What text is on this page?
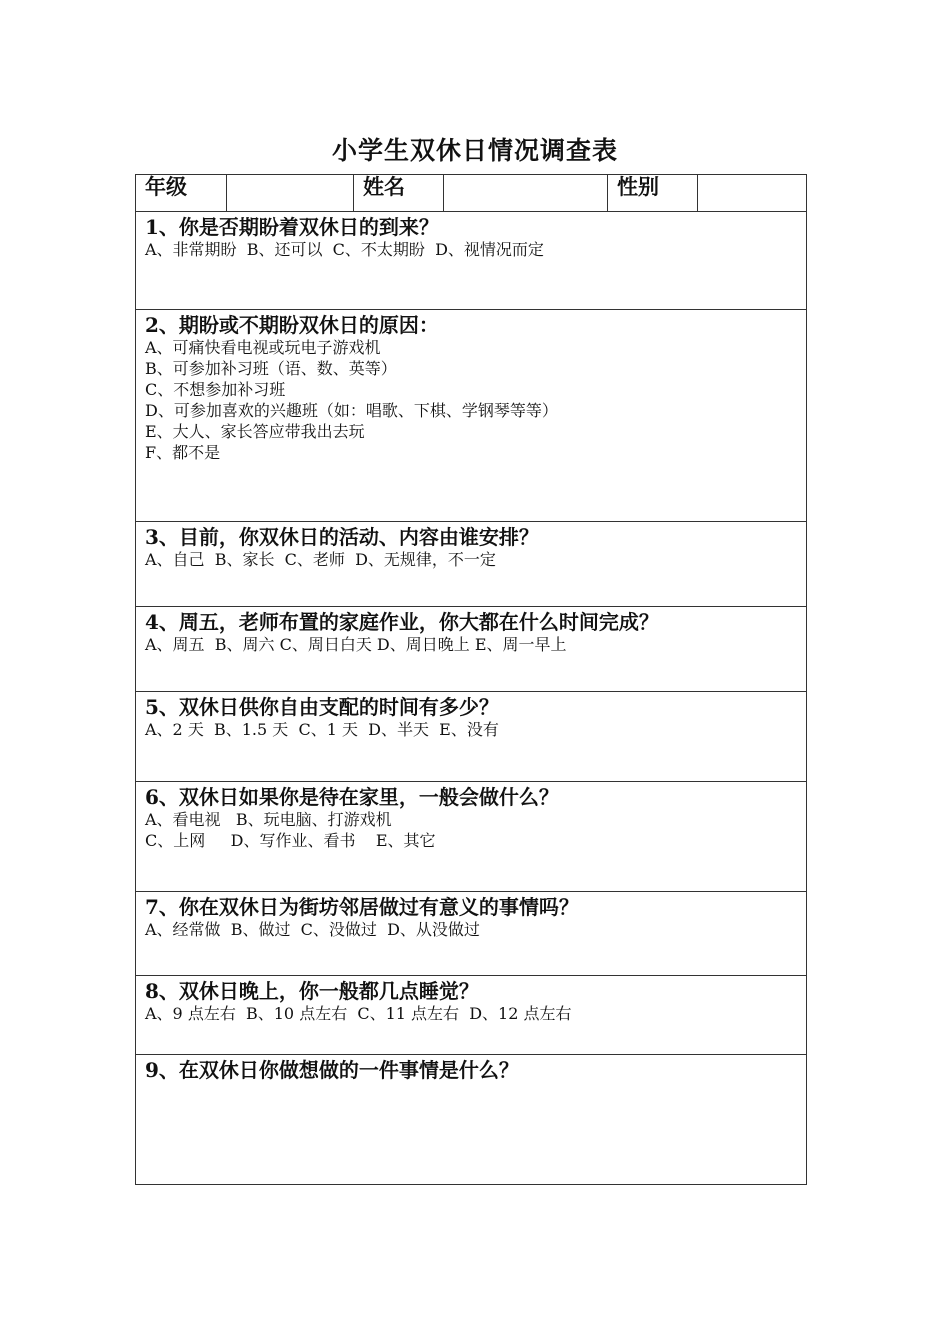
小学生双休日情况调查表
年级	姓名	性别
1、你是否期盼着双休日的到来？
A、非常期盼  B、还可以  C、不太期盼  D、视情况而定
2、期盼或不期盼双休日的原因：
A、可痛快看电视或玩电子游戏机
B、可参加补习班（语、数、英等）
C、不想参加补习班
D、可参加喜欢的兴趣班（如：唱歌、下棋、学钢琴等等）
E、大人、家长答应带我出去玩
F、都不是
3、目前，你双休日的活动、内容由谁安排？
A、自己  B、家长  C、老师  D、无规律，不一定
4、周五，老师布置的家庭作业，你大都在什么时间完成？
A、周五  B、周六 C、周日白天 D、周日晚上 E、周一早上
5、双休日供你自由支配的时间有多少？
A、2 天  B、1.5 天  C、1 天  D、半天  E、没有
6、双休日如果你是待在家里，一般会做什么？
A、看电视   B、玩电脑、打游戏机
C、上网     D、写作业、看书    E、其它
7、你在双休日为街坊邻居做过有意义的事情吗？
A、经常做  B、做过  C、没做过  D、从没做过
8、双休日晚上，你一般都几点睡觉？
A、9 点左右  B、10 点左右  C、11 点左右  D、12 点左右
9、在双休日你做想做的一件事情是什么？
